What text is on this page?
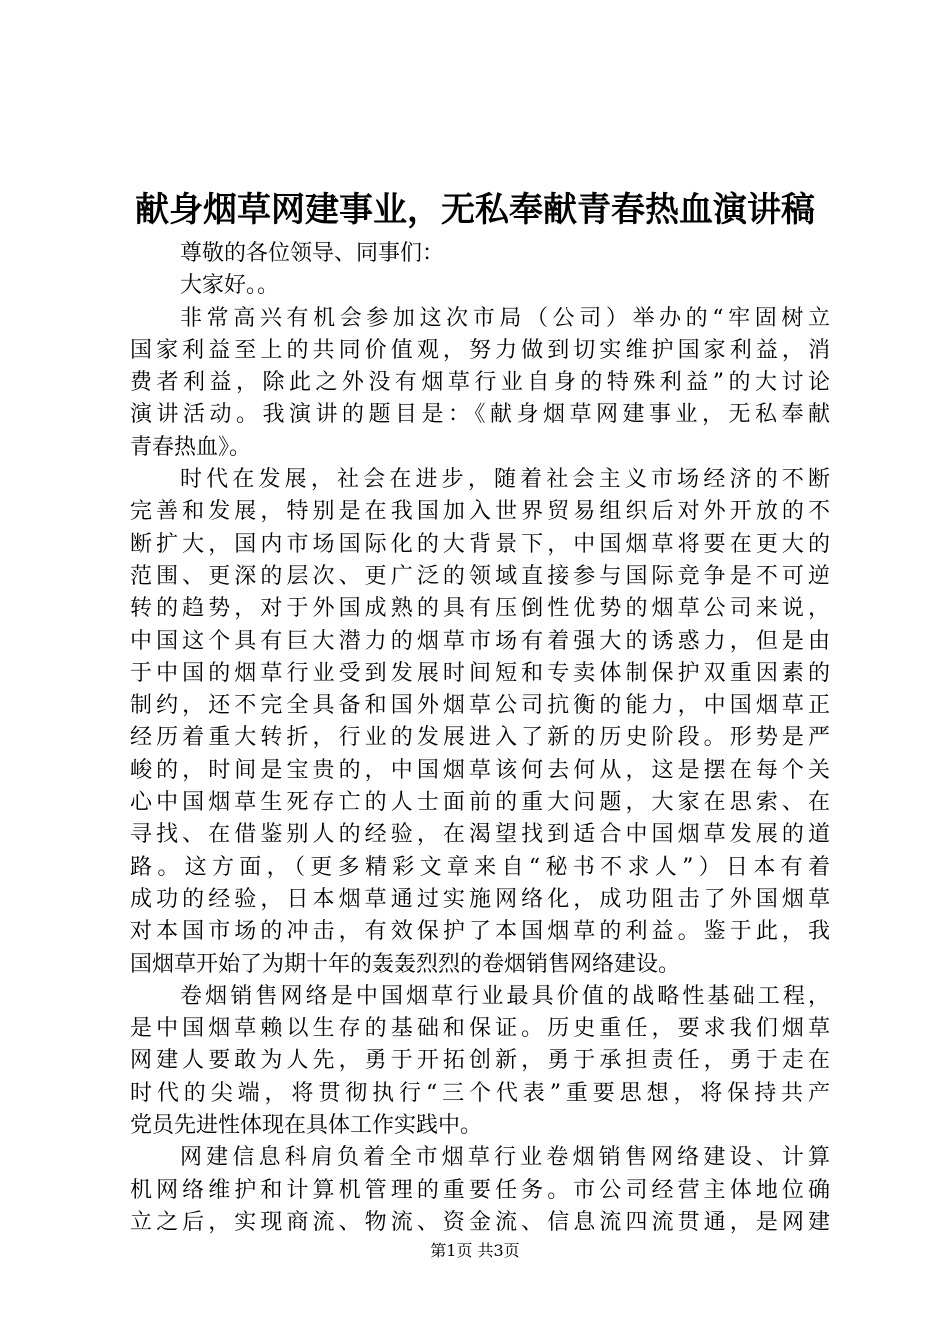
献身烟草网建事业，无私奉献青春热血演讲稿
尊敬的各位领导、同事们：
大家好。。
非常高兴有机会参加这次市局（公司）举办的“牢固树立
国家利益至上的共同价值观，努力做到切实维护国家利益，消
费者利益，除此之外没有烟草行业自身的特殊利益”的大讨论
演讲活动。我演讲的题目是：《献身烟草网建事业，无私奉献
青春热血》。
时代在发展，社会在进步，随着社会主义市场经济的不断
完善和发展，特别是在我国加入世界贸易组织后对外开放的不
断扩大，国内市场国际化的大背景下，中国烟草将要在更大的
范围、更深的层次、更广泛的领域直接参与国际竞争是不可逆
转的趋势，对于外国成熟的具有压倒性优势的烟草公司来说，
中国这个具有巨大潜力的烟草市场有着强大的诱惑力，但是由
于中国的烟草行业受到发展时间短和专卖体制保护双重因素的
制约，还不完全具备和国外烟草公司抗衡的能力，中国烟草正
经历着重大转折，行业的发展进入了新的历史阶段。形势是严
峻的，时间是宝贵的，中国烟草该何去何从，这是摆在每个关
心中国烟草生死存亡的人士面前的重大问题，大家在思索、在
寻找、在借鉴别人的经验，在渴望找到适合中国烟草发展的道
路。这方面，（更多精彩文章来自“秘书不求人”）日本有着
成功的经验，日本烟草通过实施网络化，成功阻击了外国烟草
对本国市场的冲击，有效保护了本国烟草的利益。鉴于此，我
国烟草开始了为期十年的轰轰烈烈的卷烟销售网络建设。
卷烟销售网络是中国烟草行业最具价值的战略性基础工程，
是中国烟草赖以生存的基础和保证。历史重任，要求我们烟草
网建人要敢为人先，勇于开拓创新，勇于承担责任，勇于走在
时代的尖端，将贯彻执行“三个代表”重要思想，将保持共产
党员先进性体现在具体工作实践中。
网建信息科肩负着全市烟草行业卷烟销售网络建设、计算
机网络维护和计算机管理的重要任务。市公司经营主体地位确
立之后，实现商流、物流、资金流、信息流四流贯通，是网建
第1页 共3页
